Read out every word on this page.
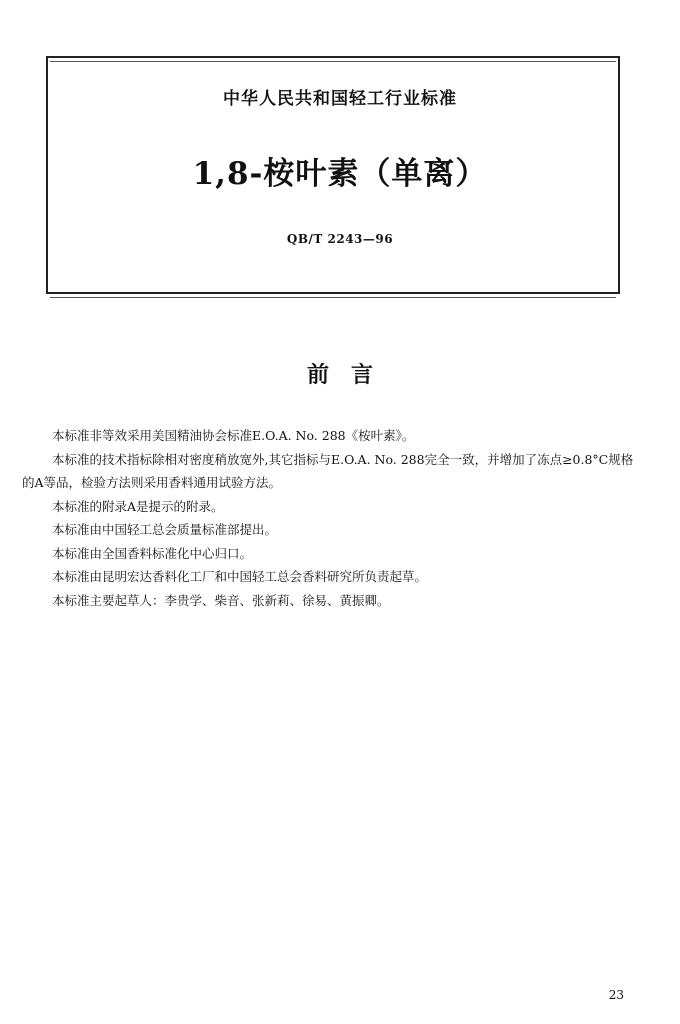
中华人民共和国轻工行业标准
1,8-桉叶素（单离）
QB/T 2243—96
前　言

本标准非等效采用美国精油协会标准E.O.A. No. 288《桉叶素》。

本标准的技术指标除相对密度稍放宽外,其它指标与E.O.A. No. 288完全一致，并增加了冻点≥0.8°C规格的A等品，检验方法则采用香料通用试验方法。

本标准的附录A是提示的附录。

本标准由中国轻工总会质量标准部提出。

本标准由全国香料标准化中心归口。

本标准由昆明宏达香料化工厂和中国轻工总会香料研究所负责起草。

本标准主要起草人：李贵学、柴音、张新莉、徐易、黄振卿。

23
